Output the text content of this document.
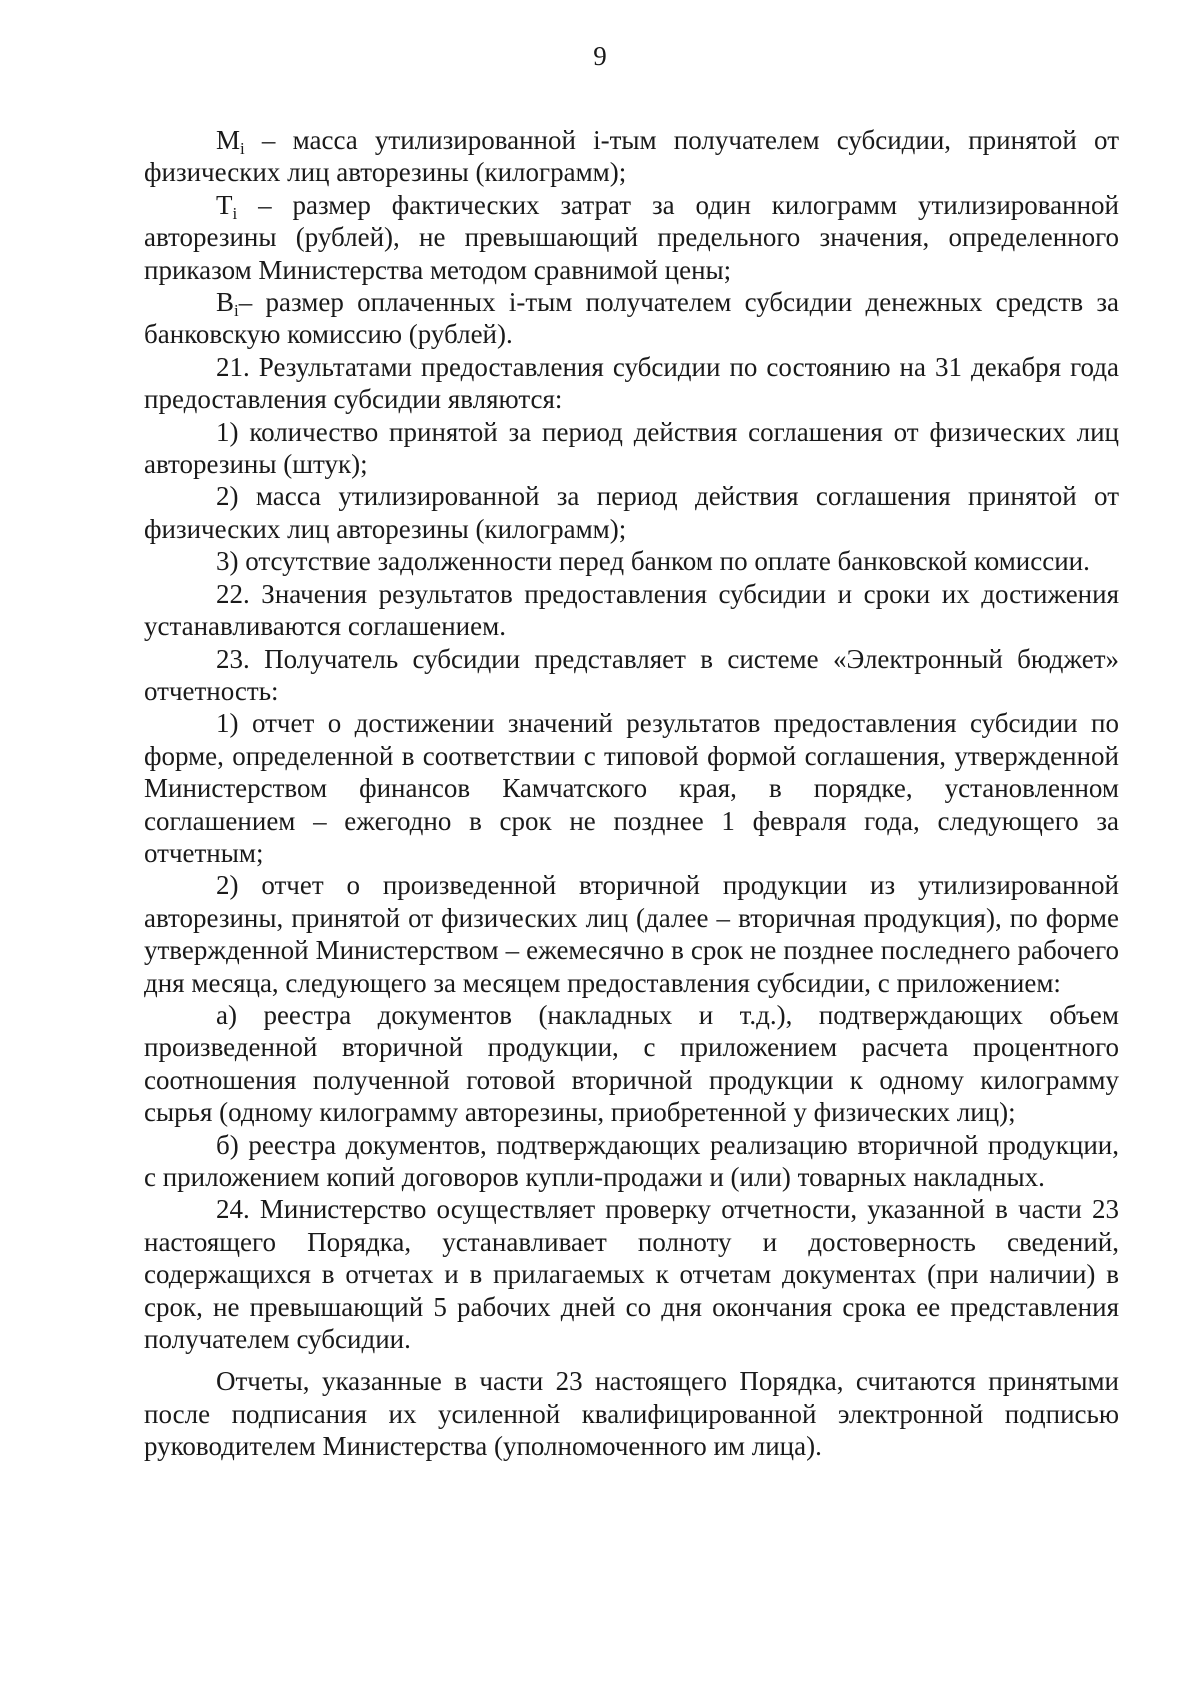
9

$M_i$ – масса утилизированной i-тым получателем субсидии, принятой от физических лиц авторезины (килограмм);

$T_i$ – размер фактических затрат за один килограмм утилизированной авторезины (рублей), не превышающий предельного значения, определенного приказом Министерства методом сравнимой цены;

$B_i-$ размер оплаченных i-тым получателем субсидии денежных средств за банковскую комиссию (рублей).

21. Результатами предоставления субсидии по состоянию на 31 декабря года предоставления субсидии являются:

1) количество принятой за период действия соглашения от физических лиц авторезины (штук);

2) масса утилизированной за период действия соглашения принятой от физических лиц авторезины (килограмм);

3) отсутствие задолженности перед банком по оплате банковской комиссии.

22. Значения результатов предоставления субсидии и сроки их достижения устанавливаются соглашением.

23. Получатель субсидии представляет в системе «Электронный бюджет» отчетность:

1) отчет о достижении значений результатов предоставления субсидии по форме, определенной в соответствии с типовой формой соглашения, утвержденной Министерством финансов Камчатского края, в порядке, установленном соглашением – ежегодно в срок не позднее 1 февраля года, следующего за отчетным;

2) отчет о произведенной вторичной продукции из утилизированной авторезины, принятой от физических лиц (далее – вторичная продукция), по форме утвержденной Министерством – ежемесячно в срок не позднее последнего рабочего дня месяца, следующего за месяцем предоставления субсидии, с приложением:

а) реестра документов (накладных и т.д.), подтверждающих объем произведенной вторичной продукции, с приложением расчета процентного соотношения полученной готовой вторичной продукции к одному килограмму сырья (одному килограмму авторезины, приобретенной у физических лиц);

б) реестра документов, подтверждающих реализацию вторичной продукции, с приложением копий договоров купли-продажи и (или) товарных накладных.

24. Министерство осуществляет проверку отчетности, указанной в части 23 настоящего Порядка, устанавливает полноту и достоверность сведений, содержащихся в отчетах и в прилагаемых к отчетам документах (при наличии) в срок, не превышающий 5 рабочих дней со дня окончания срока ее представления получателем субсидии.

Отчеты, указанные в части 23 настоящего Порядка, считаются принятыми после подписания их усиленной квалифицированной электронной подписью руководителем Министерства (уполномоченного им лица).
